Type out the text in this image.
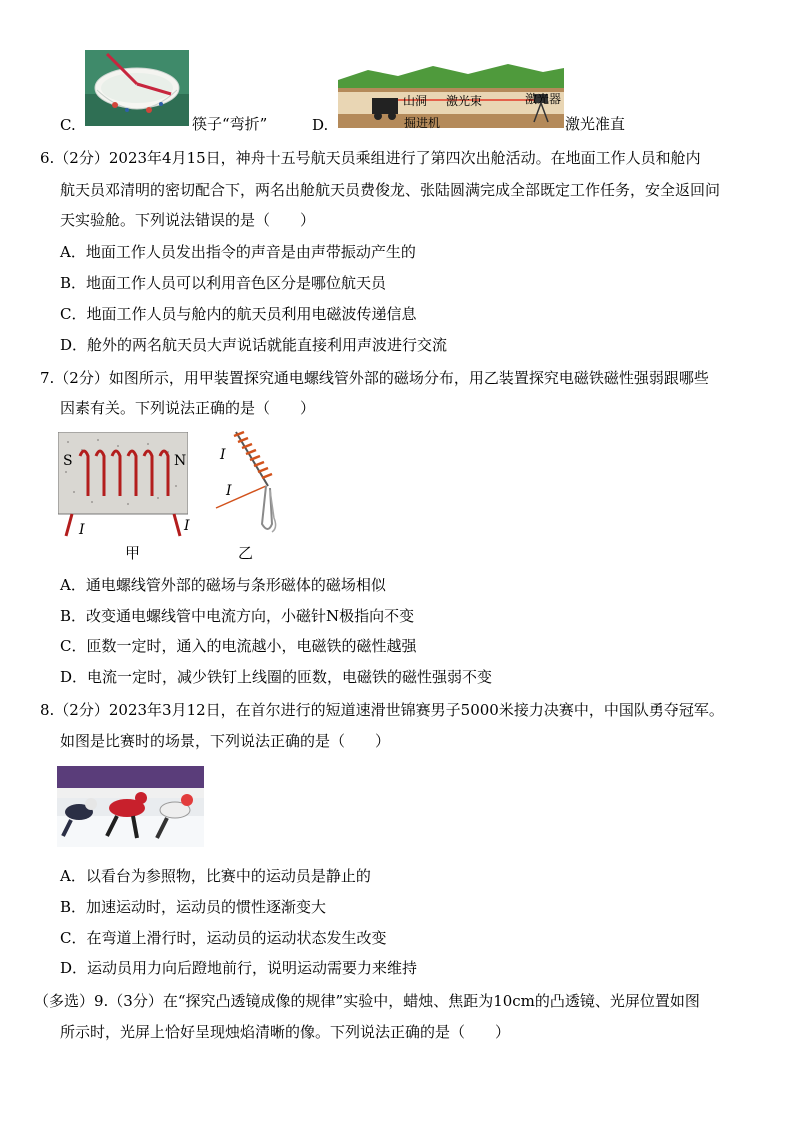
C.	筷子“弯折”	D.
山洞 激光束	激光器
掘进机	激光准直
6.（2分）2023年4月15日，神舟十五号航天员乘组进行了第四次出舱活动。在地面工作人员和舱内
航天员邓清明的密切配合下，两名出舱航天员费俊龙、张陆圆满完成全部既定工作任务，安全返回问
天实验舱。下列说法错误的是（　　）
A．地面工作人员发出指令的声音是由声带振动产生的
B．地面工作人员可以利用音色区分是哪位航天员
C．地面工作人员与舱内的航天员利用电磁波传递信息
D．舱外的两名航天员大声说话就能直接利用声波进行交流
7.（2分）如图所示，用甲装置探究通电螺线管外部的磁场分布，用乙装置探究电磁铁磁性强弱跟哪些
因素有关。下列说法正确的是（　　）
S	N
I	I
甲
I
I
乙
A．通电螺线管外部的磁场与条形磁体的磁场相似
B．改变通电螺线管中电流方向，小磁针N极指向不变
C．匝数一定时，通入的电流越小，电磁铁的磁性越强
D．电流一定时，减少铁钉上线圈的匝数，电磁铁的磁性强弱不变
8.（2分）2023年3月12日，在首尔进行的短道速滑世锦赛男子5000米接力决赛中，中国队勇夺冠军。
如图是比赛时的场景，下列说法正确的是（　　）
A．以看台为参照物，比赛中的运动员是静止的
B．加速运动时，运动员的惯性逐渐变大
C．在弯道上滑行时，运动员的运动状态发生改变
D．运动员用力向后蹬地前行，说明运动需要力来维持
（多选）9.（3分）在“探究凸透镜成像的规律”实验中，蜡烛、焦距为10cm的凸透镜、光屏位置如图
所示时，光屏上恰好呈现烛焰清晰的像。下列说法正确的是（　　）
